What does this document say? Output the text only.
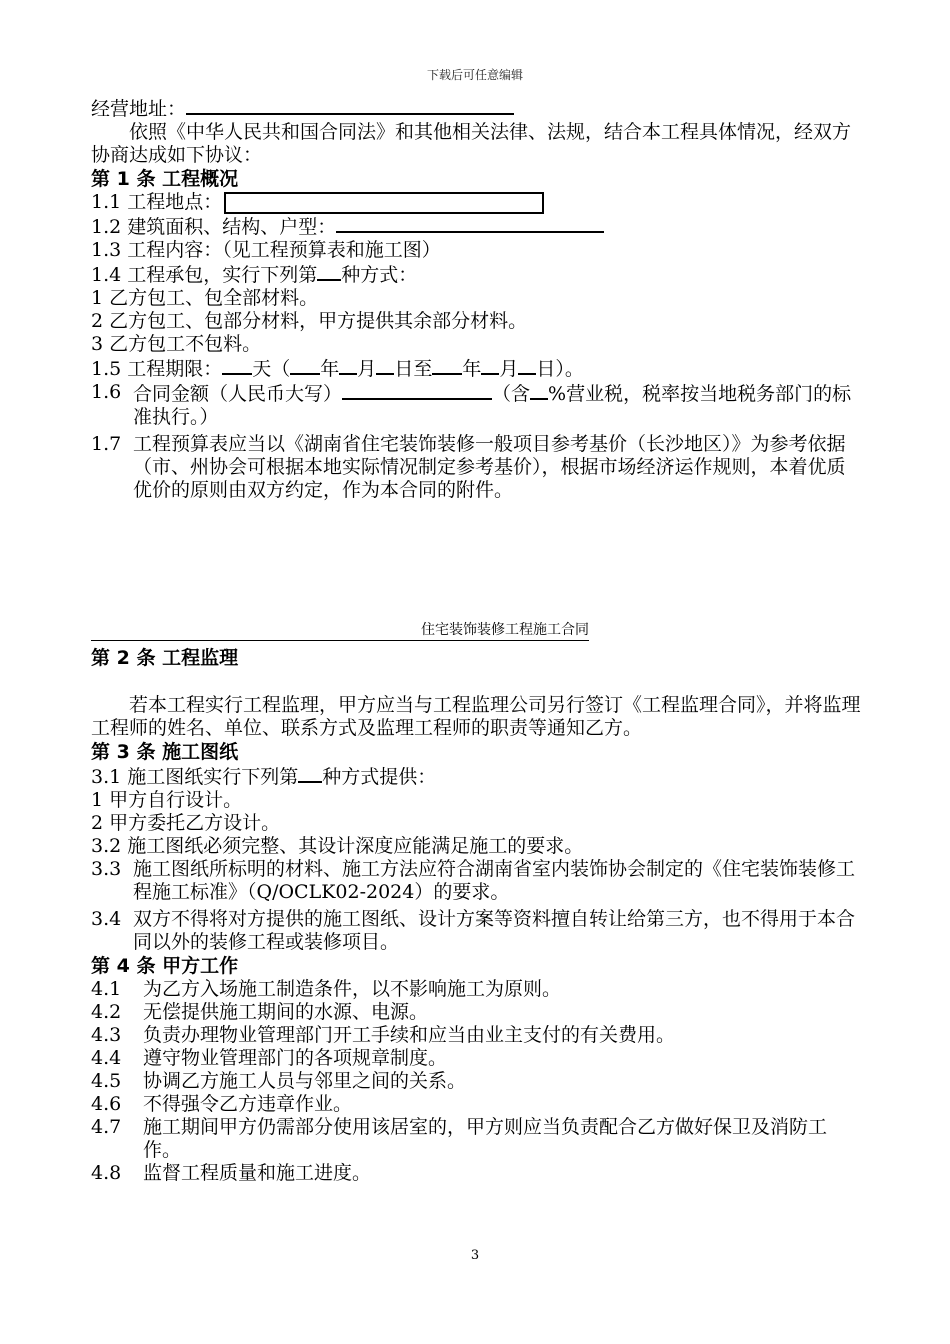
下载后可任意编辑

经营地址：

依照《中华人民共和国合同法》和其他相关法律、法规，结合本工程具体情况，经双方协商达成如下协议：

第 1 条 工程概况

1.1 工程地点：

1.2 建筑面积、结构、户型：

1.3 工程内容：（见工程预算表和施工图）

1.4 工程承包，实行下列第 种方式：

1 乙方包工、包全部材料。

2 乙方包工、包部分材料，甲方提供其余部分材料。

3 乙方包工不包料。

1.5 工程期限： 天（ 年 月 日至 年 月 日）。

1.6 合同金额（人民币大写）	（含 %营业税，税率按当地税务部门的标准执行。）
1.7 工程预算表应当以《湖南省住宅装饰装修一般项目参考基价（长沙地区）》为参考依据（市、州协会可根据本地实际情况制定参考基价），根据市场经济运作规则，本着优质优价的原则由双方约定，作为本合同的附件。
住宅装饰装修工程施工合同

第 2 条 工程监理

若本工程实行工程监理，甲方应当与工程监理公司另行签订《工程监理合同》，并将监理工程师的姓名、单位、联系方式及监理工程师的职责等通知乙方。

第 3 条 施工图纸

3.1 施工图纸实行下列第 种方式提供：

1 甲方自行设计。

2 甲方委托乙方设计。

3.2 施工图纸必须完整、其设计深度应能满足施工的要求。

3.3 施工图纸所标明的材料、施工方法应符合湖南省室内装饰协会制定的《住宅装饰装修工程施工标准》（Q/OCLK02-2024）的要求。
3.4 双方不得将对方提供的施工图纸、设计方案等资料擅自转让给第三方，也不得用于本合同以外的装修工程或装修项目。

第 4 条 甲方工作

4.1	为乙方入场施工制造条件，以不影响施工为原则。
4.2	无偿提供施工期间的水源、电源。
4.3	负责办理物业管理部门开工手续和应当由业主支付的有关费用。
4.4	遵守物业管理部门的各项规章制度。
4.5	协调乙方施工人员与邻里之间的关系。
4.6	不得强令乙方违章作业。
4.7	施工期间甲方仍需部分使用该居室的，甲方则应当负责配合乙方做好保卫及消防工作。
4.8	监督工程质量和施工进度。
3
